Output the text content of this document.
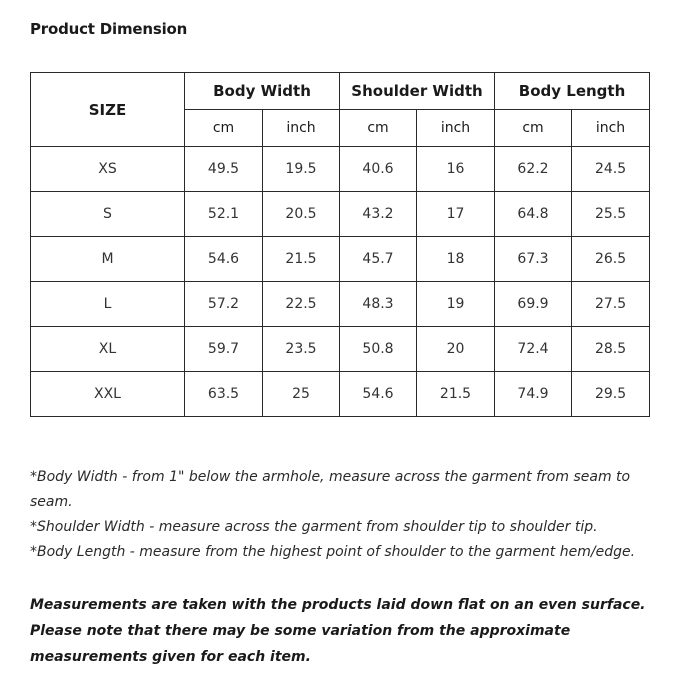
Product Dimension
SIZE	Body Width		Shoulder Width		Body Length	
	cm	inch	cm	inch	cm	inch
XS	49.5	19.5	40.6	16	62.2	24.5
S	52.1	20.5	43.2	17	64.8	25.5
M	54.6	21.5	45.7	18	67.3	26.5
L	57.2	22.5	48.3	19	69.9	27.5
XL	59.7	23.5	50.8	20	72.4	28.5
XXL	63.5	25	54.6	21.5	74.9	29.5

*Body Width - from 1" below the armhole, measure across the garment from seam to seam.

*Shoulder Width - measure across the garment from shoulder tip to shoulder tip.

*Body Length - measure from the highest point of shoulder to the garment hem/edge.

Measurements are taken with the products laid down flat on an even surface. Please note that there may be some variation from the approximate measurements given for each item.
